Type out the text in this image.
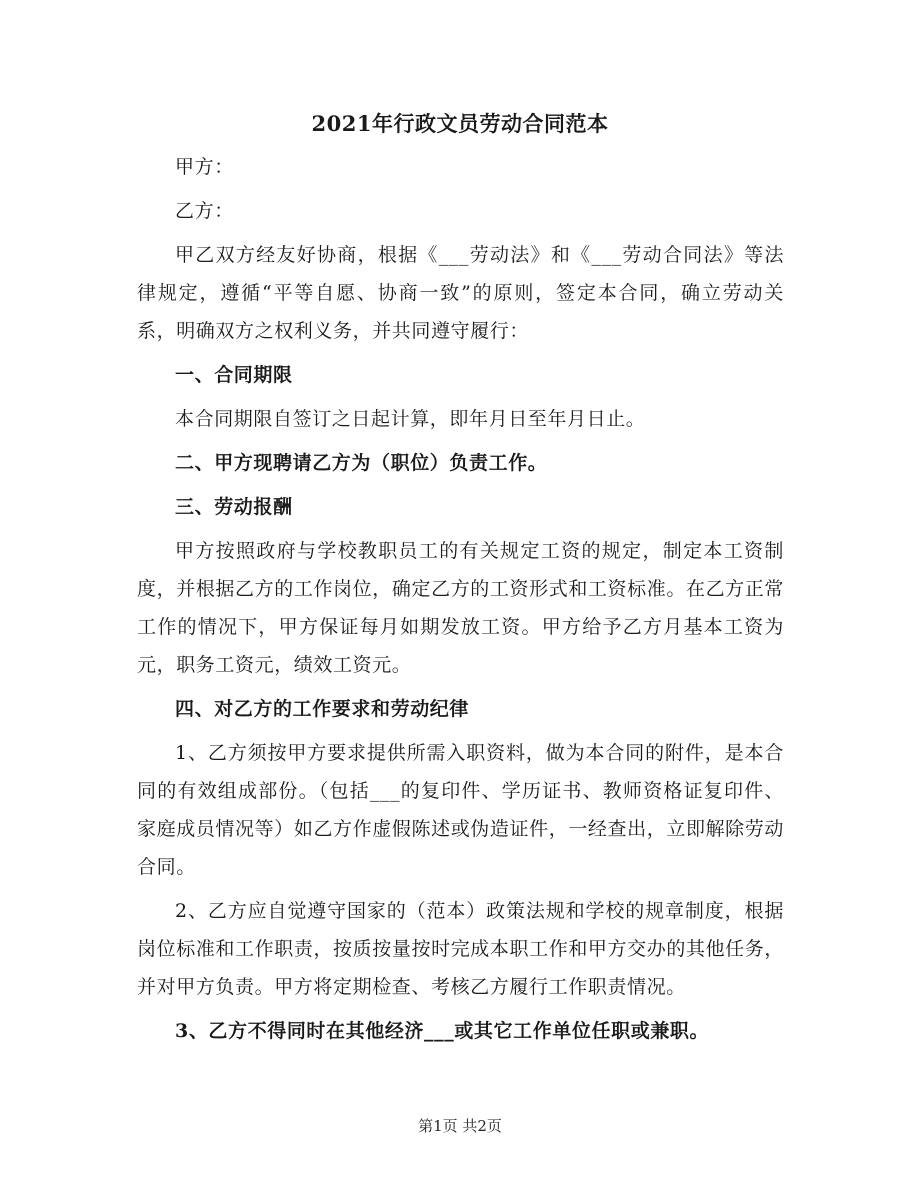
2021年行政文员劳动合同范本

甲方：

乙方：

甲乙双方经友好协商，根据《___劳动法》和《___劳动合同法》等法律规定，遵循“平等自愿、协商一致”的原则，签定本合同，确立劳动关系，明确双方之权利义务，并共同遵守履行：

一、合同期限

本合同期限自签订之日起计算，即年月日至年月日止。

二、甲方现聘请乙方为（职位）负责工作。

三、劳动报酬

甲方按照政府与学校教职员工的有关规定工资的规定，制定本工资制度，并根据乙方的工作岗位，确定乙方的工资形式和工资标准。在乙方正常工作的情况下，甲方保证每月如期发放工资。甲方给予乙方月基本工资为元，职务工资元，绩效工资元。

四、对乙方的工作要求和劳动纪律

1、乙方须按甲方要求提供所需入职资料，做为本合同的附件，是本合同的有效组成部份。（包括___的复印件、学历证书、教师资格证复印件、家庭成员情况等）如乙方作虚假陈述或伪造证件，一经查出，立即解除劳动合同。

2、乙方应自觉遵守国家的（范本）政策法规和学校的规章制度，根据岗位标准和工作职责，按质按量按时完成本职工作和甲方交办的其他任务，并对甲方负责。甲方将定期检查、考核乙方履行工作职责情况。

3、乙方不得同时在其他经济___或其它工作单位任职或兼职。

第1页 共2页
